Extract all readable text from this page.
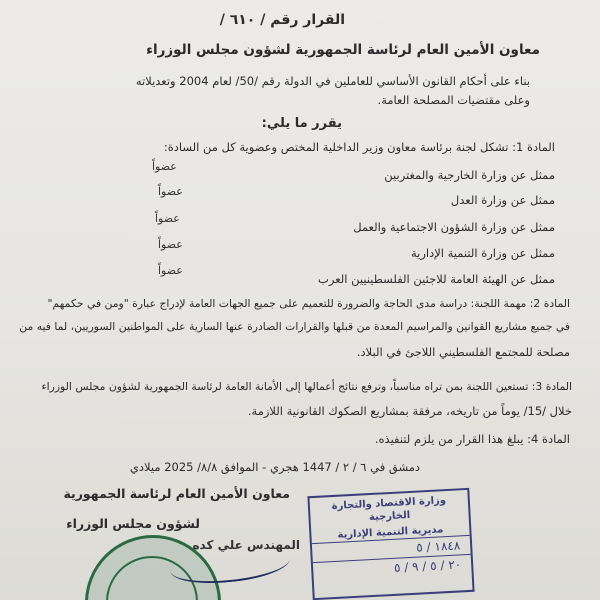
القرار رقم / ٦١٠ /
معاون الأمين العام لرئاسة الجمهورية لشؤون مجلس الوزراء
بناء على أحكام القانون الأساسي للعاملين في الدولة رقم /50/ لعام 2004 وتعديلاته
وعلى مقتضيات المصلحة العامة.
يقرر ما يلي:
المادة 1: تشكل لجنة برئاسة معاون وزير الداخلية المختص وعضوية كل من السادة:
ممثل عن وزارة الخارجية والمغتربين
عضواً
ممثل عن وزارة العدل
عضواً
ممثل عن وزارة الشؤون الاجتماعية والعمل
عضواً
ممثل عن وزارة التنمية الإدارية
عضواً
ممثل عن الهيئة العامة للاجئين الفلسطينيين العرب
عضواً
المادة 2: مهمة اللجنة: دراسة مدى الحاجة والضرورة للتعميم على جميع الجهات العامة لإدراج عبارة "ومن في حكمهم"
في جميع مشاريع القوانين والمراسيم المعدة من قبلها والقرارات الصادرة عنها السارية على المواطنين السوريين، لما فيه من
مصلحة للمجتمع الفلسطيني اللاجئ في البلاد.
المادة 3: تستعين اللجنة بمن تراه مناسباً، وترفع نتائج أعمالها إلى الأمانة العامة لرئاسة الجمهورية لشؤون مجلس الوزراء
خلال /15/ يوماً من تاريخه، مرفقة بمشاريع الصكوك القانونية اللازمة.
المادة 4: يبلغ هذا القرار من يلزم لتنفيذه.
دمشق في ٦ / ٢ / 1447 هجري - الموافق ٨/٨/ 2025 ميلادي
معاون الأمين العام لرئاسة الجمهورية
لشؤون مجلس الوزراء
المهندس علي كده
وزارة الاقتصاد والتجارة الخارجية
مديرية التنمية الإدارية
١٨٤٨ / ٥
٢٠ / ٥ / ٩ / ٥
